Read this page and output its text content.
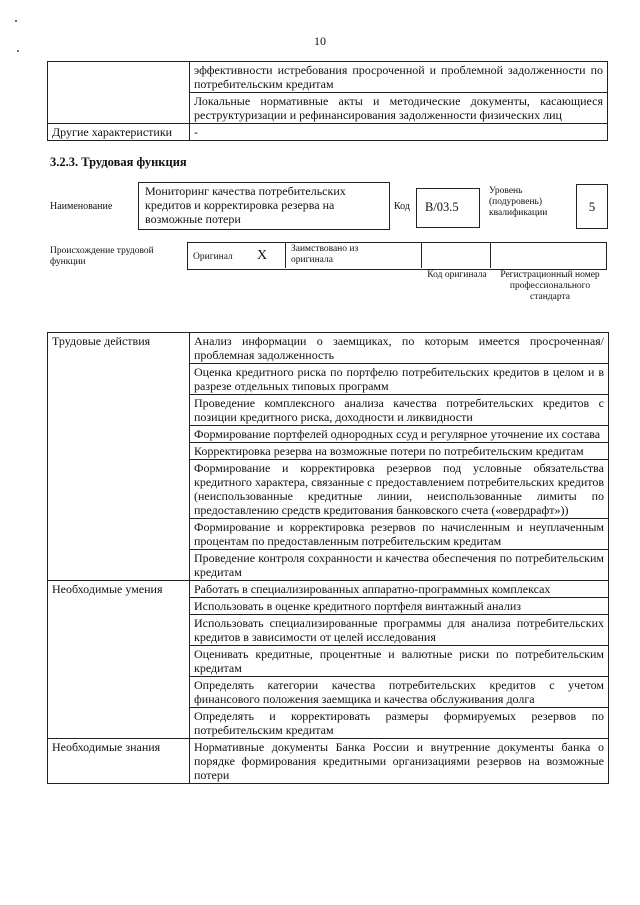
10
	эффективности истребования просроченной и проблемной задолженности по потребительским кредитам
	Локальные нормативные акты и методические документы, касающиеся реструктуризации и рефинансирования задолженности физических лиц
Другие характеристики	-
3.2.3. Трудовая функция
Наименование
Мониторинг качества потребительских кредитов и корректировка резерва на возможные потери
Код	B/03.5
Уровень (подуровень) квалификации	5
Происхождение трудовой функции	Оригинал X	Заимствовано из оригинала
Код оригинала	Регистрационный номер профессионального стандарта
Трудовые действия	Анализ информации о заемщиках, по которым имеется просроченная/проблемная задолженность
	Оценка кредитного риска по портфелю потребительских кредитов в целом и в разрезе отдельных типовых программ
	Проведение комплексного анализа качества потребительских кредитов с позиции кредитного риска, доходности и ликвидности
	Формирование портфелей однородных ссуд и регулярное уточнение их состава
	Корректировка резерва на возможные потери по потребительским кредитам
	Формирование и корректировка резервов под условные обязательства кредитного характера, связанные с предоставлением потребительских кредитов (неиспользованные кредитные линии, неиспользованные лимиты по предоставлению средств кредитования банковского счета («овердрафт»))
	Формирование и корректировка резервов по начисленным и неуплаченным процентам по предоставленным потребительским кредитам
	Проведение контроля сохранности и качества обеспечения по потребительским кредитам
Необходимые умения	Работать в специализированных аппаратно-программных комплексах
	Использовать в оценке кредитного портфеля винтажный анализ
	Использовать специализированные программы для анализа потребительских кредитов в зависимости от целей исследования
	Оценивать кредитные, процентные и валютные риски по потребительским кредитам
	Определять категории качества потребительских кредитов с учетом финансового положения заемщика и качества обслуживания долга
	Определять и корректировать размеры формируемых резервов по потребительским кредитам
Необходимые знания	Нормативные документы Банка России и внутренние документы банка о порядке формирования кредитными организациями резервов на возможные потери
